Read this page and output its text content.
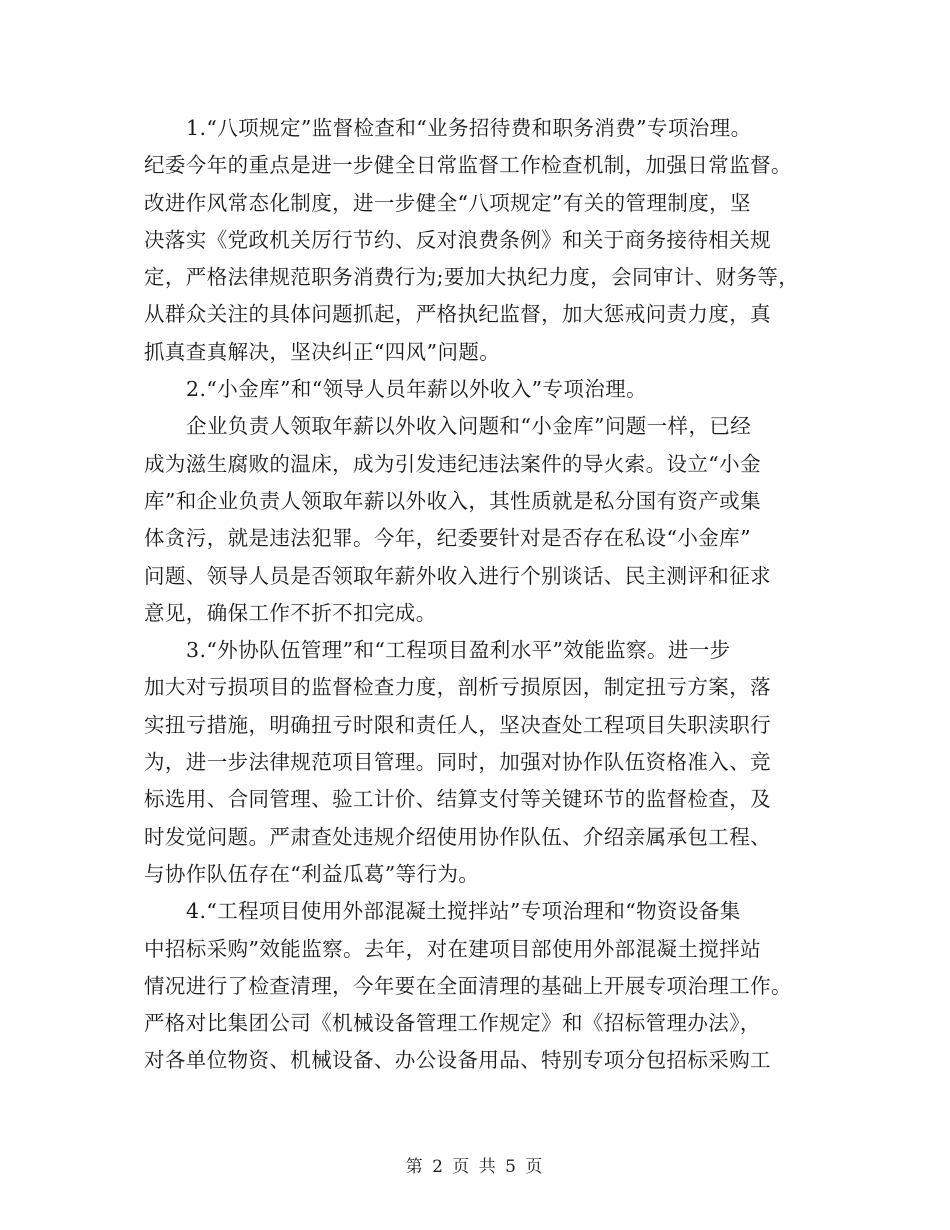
1.“八项规定”监督检查和“业务招待费和职务消费”专项治理。
纪委今年的重点是进一步健全日常监督工作检查机制，加强日常监督。
改进作风常态化制度，进一步健全“八项规定”有关的管理制度，坚
决落实《党政机关厉行节约、反对浪费条例》和关于商务接待相关规
定，严格法律规范职务消费行为;要加大执纪力度，会同审计、财务等，
从群众关注的具体问题抓起，严格执纪监督，加大惩戒问责力度，真
抓真查真解决，坚决纠正“四风”问题。
2.“小金库”和“领导人员年薪以外收入”专项治理。
企业负责人领取年薪以外收入问题和“小金库”问题一样，已经
成为滋生腐败的温床，成为引发违纪违法案件的导火索。设立“小金
库”和企业负责人领取年薪以外收入，其性质就是私分国有资产或集
体贪污，就是违法犯罪。今年，纪委要针对是否存在私设“小金库”
问题、领导人员是否领取年薪外收入进行个别谈话、民主测评和征求
意见，确保工作不折不扣完成。
3.“外协队伍管理”和“工程项目盈利水平”效能监察。进一步
加大对亏损项目的监督检查力度，剖析亏损原因，制定扭亏方案，落
实扭亏措施，明确扭亏时限和责任人，坚决查处工程项目失职渎职行
为，进一步法律规范项目管理。同时，加强对协作队伍资格准入、竞
标选用、合同管理、验工计价、结算支付等关键环节的监督检查，及
时发觉问题。严肃查处违规介绍使用协作队伍、介绍亲属承包工程、
与协作队伍存在“利益瓜葛”等行为。
4.“工程项目使用外部混凝土搅拌站”专项治理和“物资设备集
中招标采购”效能监察。去年，对在建项目部使用外部混凝土搅拌站
情况进行了检查清理，今年要在全面清理的基础上开展专项治理工作。
严格对比集团公司《机械设备管理工作规定》和《招标管理办法》，
对各单位物资、机械设备、办公设备用品、特别专项分包招标采购工
第 2 页 共 5 页
